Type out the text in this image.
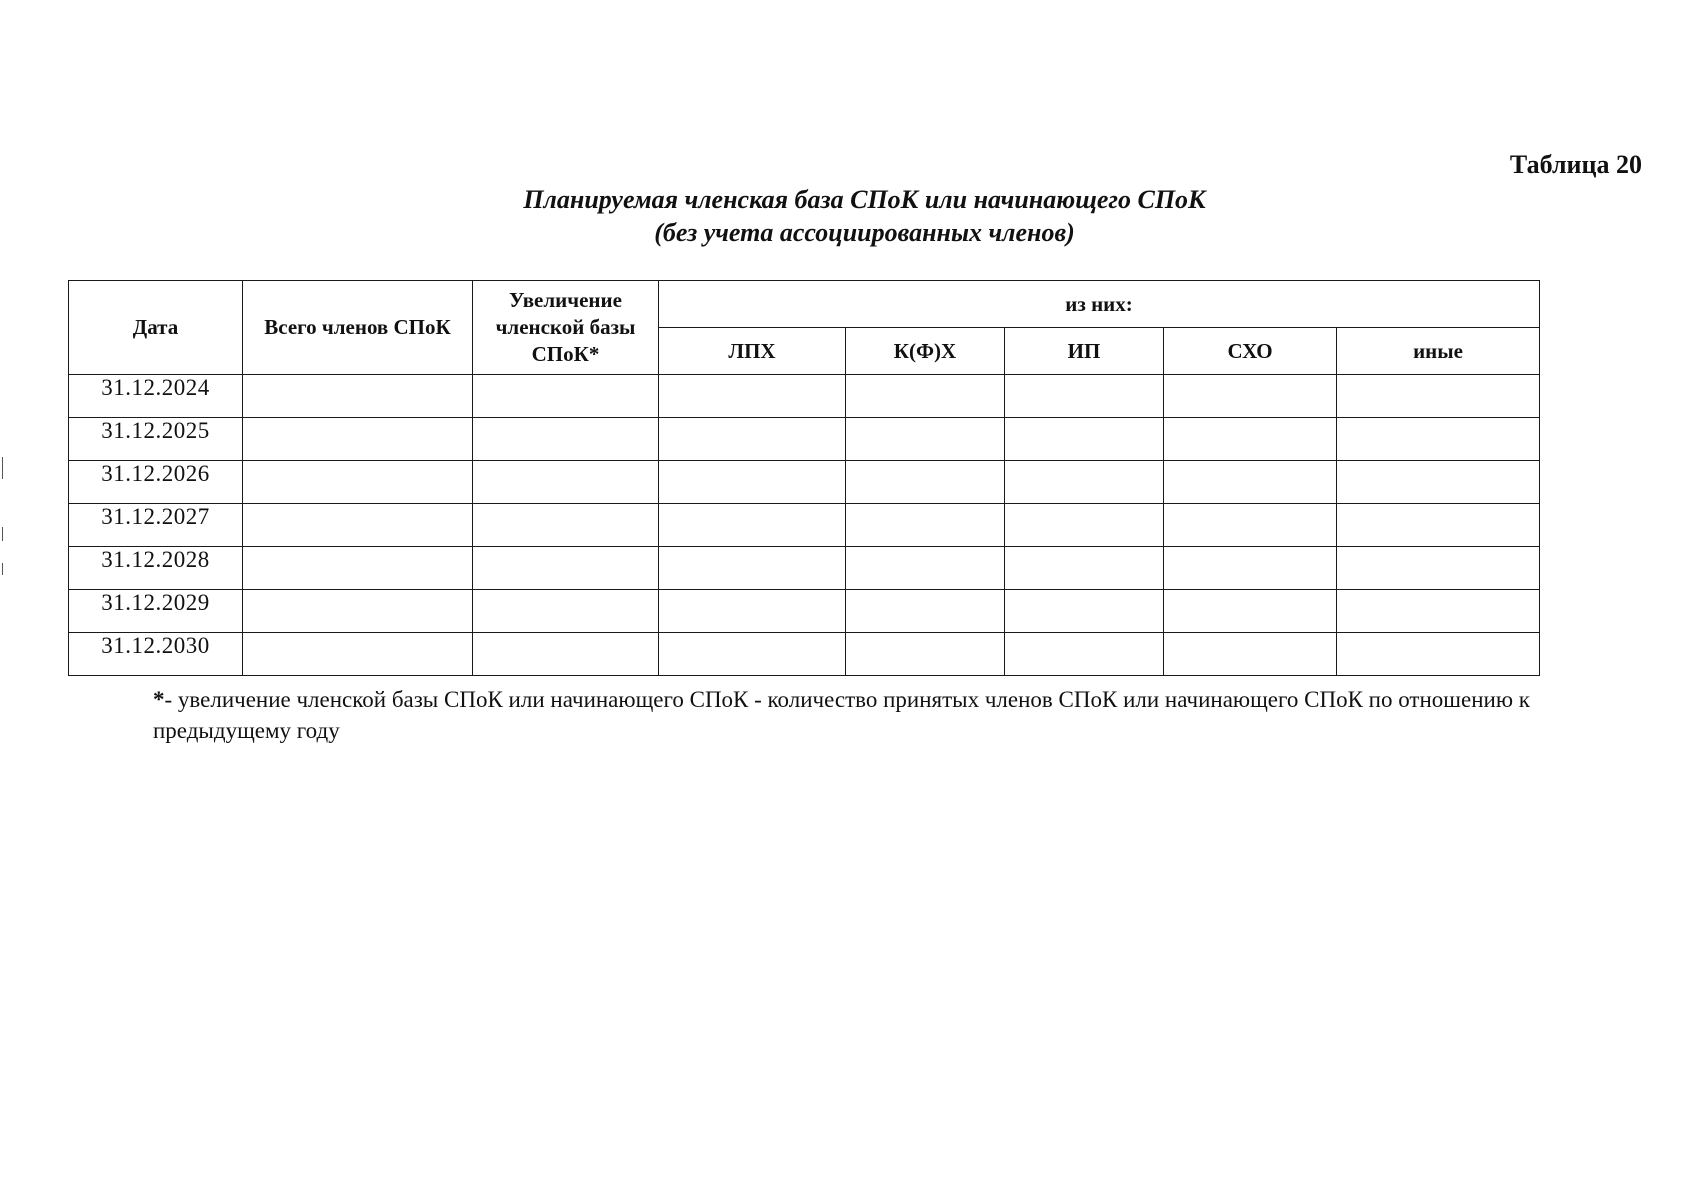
Таблица 20
Планируемая членская база СПоК или начинающего СПоК
(без учета ассоциированных членов)
Дата	Всего членов СПоК	Увеличение членской базы СПоК*	из них:				
			ЛПХ	К(Ф)Х	ИП	СХО	иные
31.12.2024							
31.12.2025							
31.12.2026							
31.12.2027							
31.12.2028							
31.12.2029							
31.12.2030							
*- увеличение членской базы СПоК или начинающего СПоК - количество принятых членов СПоК или начинающего СПоК по отношению к предыдущему году
